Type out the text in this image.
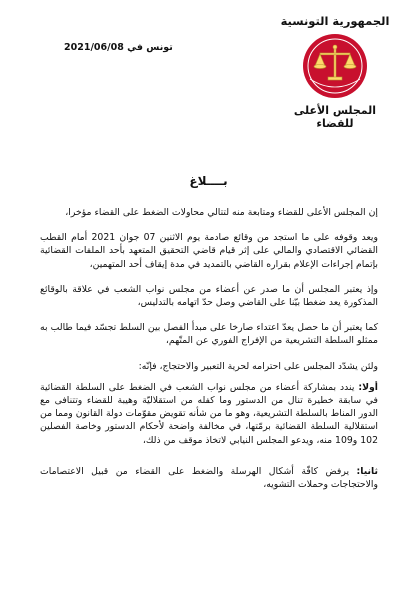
الجمهورية التونسية
المجلس الأعلى للقضاء
تونس في 2021/06/08
بــــلاغ

إن المجلس الأعلى للقضاء ومتابعة منه لتتالي محاولات الضغط على القضاء مؤخرا،

ويعد وقوفه على ما استجد من وقائع صادمة يوم الاثنين 07 جوان 2021 أمام القطب القضائي الاقتصادي والمالي على إثر قيام قاضي التحقيق المتعهد بأحد الملفات القضائية بإتمام إجراءات الإعلام بقراره القاضي بالتمديد في مدة إيقاف أحد المتهمين،

وإذ يعتبر المجلس أن ما صدر عن أعضاء من مجلس نواب الشعب في علاقة بالوقائع المذكورة يعد ضغطا بيّنا على القاضي وصل حدّ اتهامه بالتدليس،

كما يعتبر أن ما حصل يعدّ اعتداء صارخا على مبدأ الفصل بين السلط تجسّد فيما طالب به ممثلو السلطة التشريعية من الإفراج الفوري عن المتّهم،

ولئن يشدّد المجلس على احترامه لحرية التعبير والاحتجاج، فإنّه:

أولا: يندد بمشاركة أعضاء من مجلس نواب الشعب في الضغط على السلطة القضائية في سابقة خطيرة تنال من الدستور وما كفله من استقلاليّة وهيبة للقضاء وتتنافى مع الدور المناط بالسلطة التشريعية، وهو ما من شأنه تقويض مقوّمات دولة القانون ومما من استقلالية السلطة القضائية برمّتها، في مخالفة واضحة لأحكام الدستور وخاصة الفصلين 102 و109 منه، ويدعو المجلس النيابي لاتخاذ موقف من ذلك،

ثانيا: يرفض كافّة أشكال الهرسلة والضغط على القضاء من قبيل الاعتصامات والاحتجاجات وحملات التشويه،
